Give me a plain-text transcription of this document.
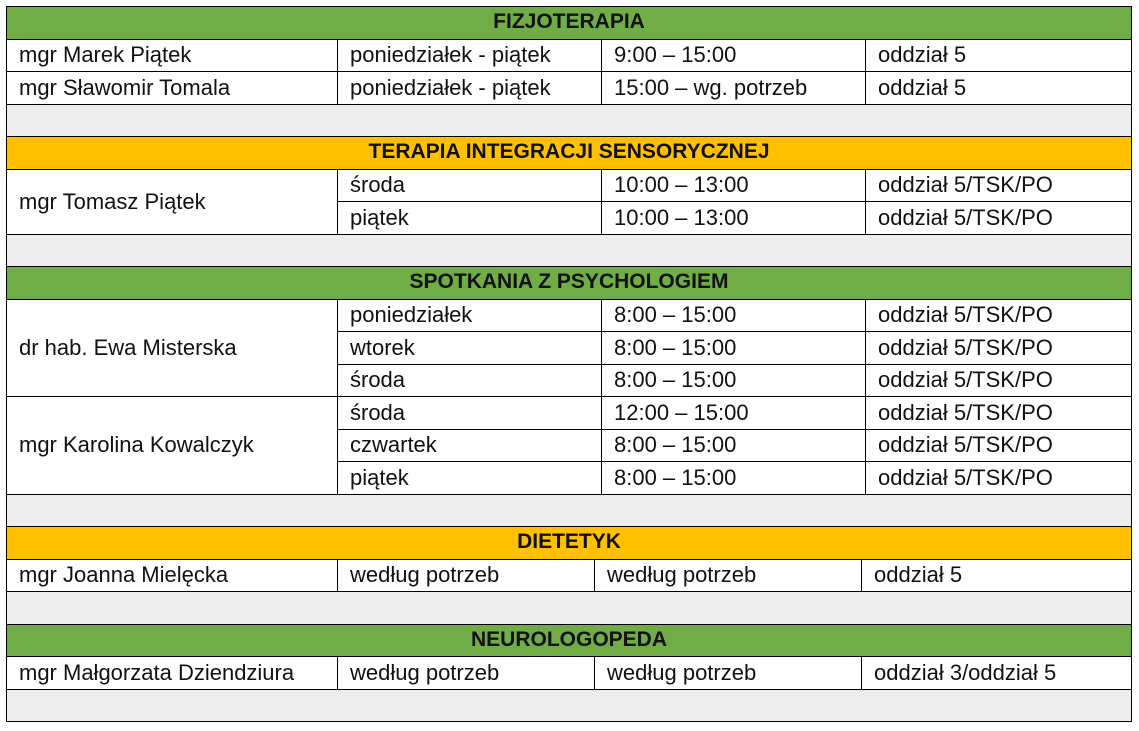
FIZJOTERAPIA
mgr Marek Piątek	poniedziałek - piątek	9:00 – 15:00	oddział 5
mgr Sławomir Tomala	poniedziałek - piątek	15:00 – wg. potrzeb	oddział 5
TERAPIA INTEGRACJI SENSORYCZNEJ
mgr Tomasz Piątek
środa	10:00 – 13:00	oddział 5/TSK/PO
piątek	10:00 – 13:00	oddział 5/TSK/PO
SPOTKANIA Z PSYCHOLOGIEM
dr hab. Ewa Misterska
poniedziałek	8:00 – 15:00	oddział 5/TSK/PO
wtorek	8:00 – 15:00	oddział 5/TSK/PO
środa	8:00 – 15:00	oddział 5/TSK/PO
mgr Karolina Kowalczyk
środa	12:00 – 15:00	oddział 5/TSK/PO
czwartek	8:00 – 15:00	oddział 5/TSK/PO
piątek	8:00 – 15:00	oddział 5/TSK/PO
DIETETYK
mgr Joanna Mielęcka	według potrzeb	według potrzeb	oddział 5
NEUROLOGOPEDA
mgr Małgorzata Dziendziura	według potrzeb	według potrzeb	oddział 3/oddział 5
